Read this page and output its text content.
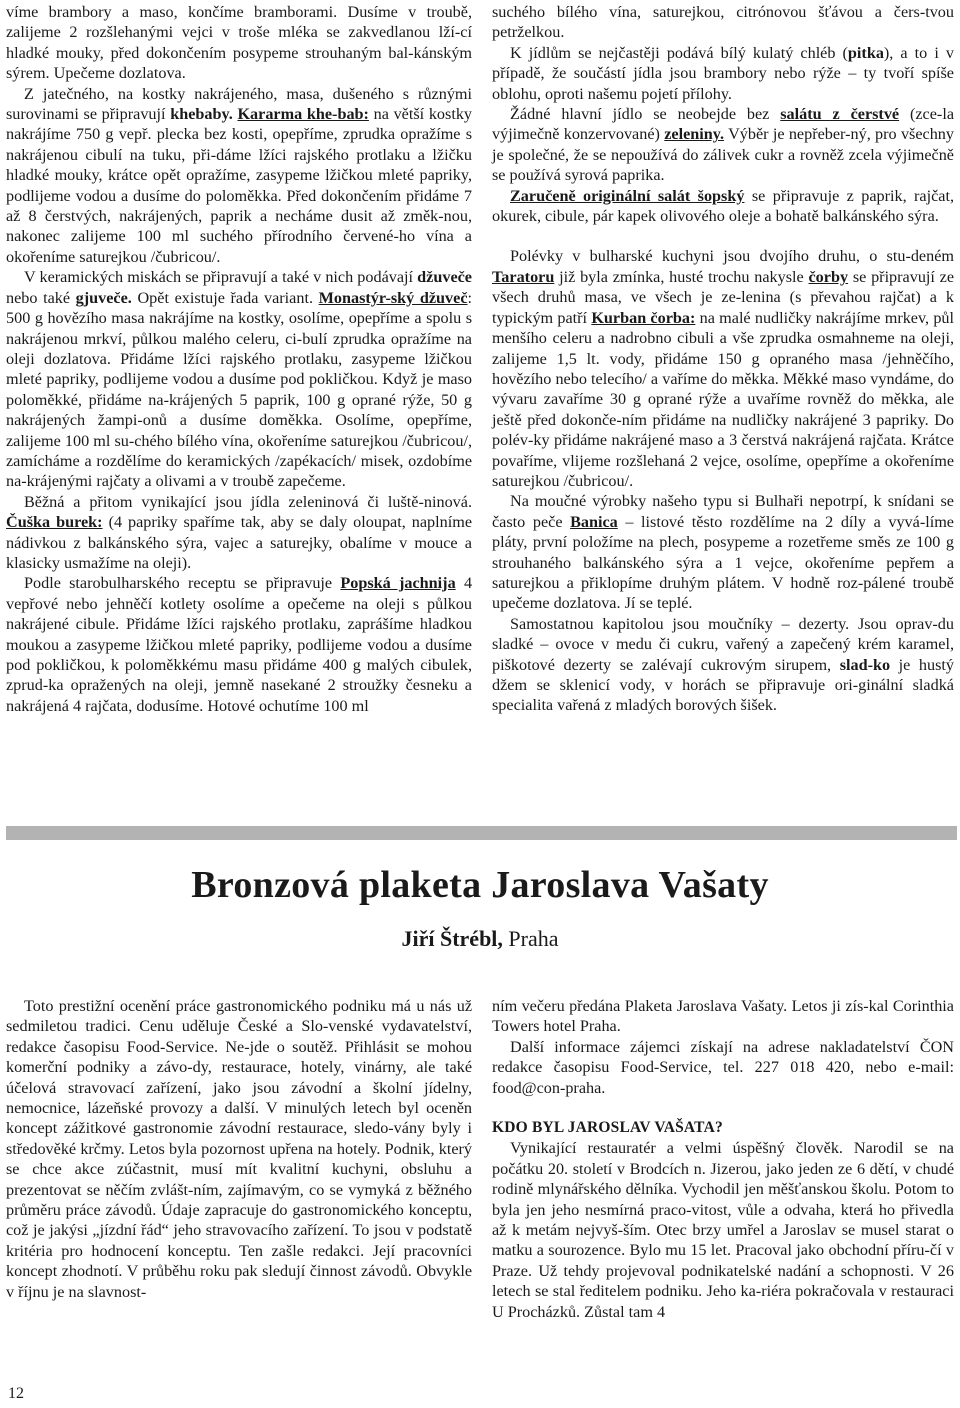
víme brambory a maso, končíme bramborami. Dusíme v troubě, zalijeme 2 rozšlehanými vejci v troše mléka se zakvedlanou lží-cí hladké mouky, před dokončením posypeme strouhaným bal-kánským sýrem. Upečeme dozlatova.

Z jatečného, na kostky nakrájeného, masa, dušeného s různými surovinami se připravují khebaby. Kararma khe-bab: na větší kostky nakrájíme 750 g vepř. plecka bez kosti, opepříme, zprudka opražíme s nakrájenou cibulí na tuku, při-dáme lžíci rajského protlaku a lžičku hladké mouky, krátce opět opražíme, zasypeme lžičkou mleté papriky, podlijeme vodou a dusíme do poloměkka. Před dokončením přidáme 7 až 8 čerstvých, nakrájených, paprik a necháme dusit až změk-nou, nakonec zalijeme 100 ml suchého přírodního červené-ho vína a okořeníme saturejkou /čubricou/.

V keramických miskách se připravují a také v nich podávají džuveče nebo také gjuveče. Opět existuje řada variant. Monastýr-ský džuveč: 500 g hovězího masa nakrájíme na kostky, osolíme, opepříme a spolu s nakrájenou mrkví, půlkou malého celeru, ci-bulí zprudka opražíme na oleji dozlatova. Přidáme lžíci rajského protlaku, zasypeme lžičkou mleté papriky, podlijeme vodou a dusíme pod pokličkou. Když je maso poloměkké, přidáme na-krájených 5 paprik, 100 g oprané rýže, 50 g nakrájených žampi-onů a dusíme doměkka. Osolíme, opepříme, zalijeme 100 ml su-chého bílého vína, okořeníme saturejkou /čubricou/, zamícháme a rozdělíme do keramických /zapékacích/ misek, ozdobíme na-krájenými rajčaty a olivami a v troubě zapečeme.

Běžná a přitom vynikající jsou jídla zeleninová či luště-ninová. Čuška burek: (4 papriky spaříme tak, aby se daly oloupat, naplníme nádivkou z balkánského sýra, vajec a saturejky, obalíme v mouce a klasicky usmažíme na oleji).

Podle starobulharského receptu se připravuje Popská jachnija 4 vepřové nebo jehněčí kotlety osolíme a opečeme na oleji s půlkou nakrájené cibule. Přidáme lžíci rajského protlaku, zaprášíme hladkou moukou a zasypeme lžičkou mleté papriky, podlijeme vodou a dusíme pod pokličkou, k poloměkkému masu přidáme 400 g malých cibulek, zprud-ka opražených na oleji, jemně nasekané 2 stroužky česneku a nakrájená 4 rajčata, dodusíme. Hotové ochutíme 100 ml

suchého bílého vína, saturejkou, citrónovou šťávou a čers-tvou petrželkou.

K jídlům se nejčastěji podává bílý kulatý chléb (pitka), a to i v případě, že součástí jídla jsou brambory nebo rýže – ty tvoří spíše oblohu, oproti našemu pojetí přílohy.

Žádné hlavní jídlo se neobejde bez salátu z čerstvé (zce-la výjimečně konzervované) zeleniny. Výběr je nepřeber-ný, pro všechny je společné, že se nepoužívá do zálivek cukr a rovněž zcela výjimečně se používá syrová paprika.

Zaručeně originální salát šopský se připravuje z paprik, rajčat, okurek, cibule, pár kapek olivového oleje a bohatě balkánského sýra.

Polévky v bulharské kuchyni jsou dvojího druhu, o stu-deném Taratoru již byla zmínka, husté trochu nakysle čorby se připravují ze všech druhů masa, ve všech je ze-lenina (s převahou rajčat) a k typickým patří Kurban čorba: na malé nudličky nakrájíme mrkev, půl menšího celeru a nadrobno cibuli a vše zprudka osmahneme na oleji, zalijeme 1,5 lt. vody, přidáme 150 g opraného masa /jehněčího, hovězího nebo telecího/ a vaříme do měkka. Měkké maso vyndáme, do vývaru zavaříme 30 g oprané rýže a uvaříme rovněž do měkka, ale ještě před dokonče-ním přidáme na nudličky nakrájené 3 papriky. Do polév-ky přidáme nakrájené maso a 3 čerstvá nakrájená rajčata. Krátce povaříme, vlijeme rozšlehaná 2 vejce, osolíme, opepříme a okořeníme saturejkou /čubricou/.

Na moučné výrobky našeho typu si Bulhaři nepotrpí, k snídani se často peče Banica – listové těsto rozdělíme na 2 díly a vyvá-líme pláty, první položíme na plech, posypeme a rozetřeme směs ze 100 g strouhaného balkánského sýra a 1 vejce, okořeníme pepřem a saturejkou a přiklopíme druhým plátem. V hodně roz-pálené troubě upečeme dozlatova. Jí se teplé.

Samostatnou kapitolou jsou moučníky – dezerty. Jsou oprav-du sladké – ovoce v medu či cukru, vařený a zapečený krém karamel, piškotové dezerty se zalévají cukrovým sirupem, slad-ko je hustý džem se sklenicí vody, v horách se připravuje ori-ginální sladká specialita vařená z mladých borových šišek.

Bronzová plaketa Jaroslava Vašaty
Jiří Štrébl, Praha

Toto prestižní ocenění práce gastronomického podniku má u nás už sedmiletou tradici. Cenu uděluje České a Slo-venské vydavatelství, redakce časopisu Food-Service. Ne-jde o soutěž. Přihlásit se mohou komerční podniky a závo-dy, restaurace, hotely, vinárny, ale také účelová stravovací zařízení, jako jsou závodní a školní jídelny, nemocnice, lázeňské provozy a další. V minulých letech byl oceněn koncept zážitkové gastronomie závodní restaurace, sledo-vány byly i středověké krčmy. Letos byla pozornost upřena na hotely. Podnik, který se chce akce zúčastnit, musí mít kvalitní kuchyni, obsluhu a prezentovat se něčím zvlášt-ním, zajímavým, co se vymyká z běžného průměru práce závodů. Údaje zapracuje do gastronomického konceptu, což je jakýsi „jízdní řád“ jeho stravovacího zařízení. To jsou v podstatě kritéria pro hodnocení konceptu. Ten zašle redakci. Její pracovníci koncept zhodnotí. V průběhu roku pak sledují činnost závodů. Obvykle v říjnu je na slavnost-

ním večeru předána Plaketa Jaroslava Vašaty. Letos ji zís-kal Corinthia Towers hotel Praha.

Další informace zájemci získají na adrese nakladatelství ČON redakce časopisu Food-Service, tel. 227 018 420, nebo e-mail: food@con-praha.

KDO BYL JAROSLAV VAŠATA?

Vynikající restauratér a velmi úspěšný člověk. Narodil se na počátku 20. století v Brodcích n. Jizerou, jako jeden ze 6 dětí, v chudé rodině mlynářského dělníka. Vychodil jen měšťanskou školu. Potom to byla jen jeho nesmírná praco-vitost, vůle a odvaha, která ho přivedla až k metám nejvyš-ším. Otec brzy umřel a Jaroslav se musel starat o matku a sourozence. Bylo mu 15 let. Pracoval jako obchodní příru-čí v Praze. Už tehdy projevoval podnikatelské nadání a schopnosti. V 26 letech se stal ředitelem podniku. Jeho ka-riéra pokračovala v restauraci U Procházků. Zůstal tam 4

12
